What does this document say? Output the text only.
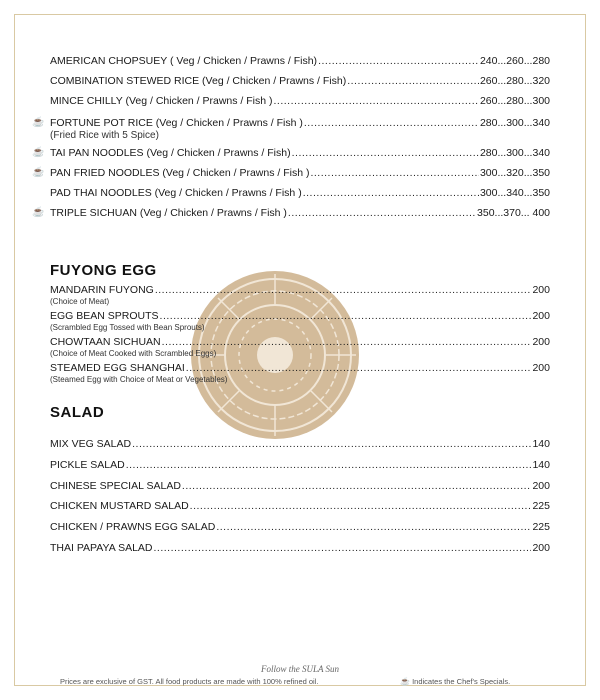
AMERICAN CHOPSUEY ( Veg / Chicken / Prawns / Fish) .....	240...260...280
COMBINATION STEWED RICE (Veg / Chicken / Prawns / Fish) .....	260...280...320
MINCE CHILLY (Veg / Chicken / Prawns / Fish ) .....	260...280...300
☕ FORTUNE POT RICE (Veg / Chicken / Prawns / Fish ) .....	280...300...340
(Fried Rice with 5 Spice)
☕ TAI PAN NOODLES (Veg / Chicken / Prawns / Fish) .....	280...300...340
☕ PAN FRIED NOODLES (Veg / Chicken / Prawns / Fish ) .....	300...320...350
PAD THAI NOODLES (Veg / Chicken / Prawns / Fish ) .....	300...340...350
☕ TRIPLE SICHUAN (Veg / Chicken / Prawns / Fish ) .....	350...370... 400
FUYONG EGG
MANDARIN FUYONG .....	200
(Choice of Meat)
EGG BEAN SPROUTS .....	200
(Scrambled Egg Tossed with Bean Sprouts)
CHOWTAAN SICHUAN .....	200
(Choice of Meat Cooked with Scrambled Eggs)
STEAMED EGG SHANGHAI .....	200
(Steamed Egg with Choice of Meat or Vegetables)
SALAD
MIX VEG SALAD .....	140
PICKLE SALAD .....	140
CHINESE SPECIAL SALAD .....	200
CHICKEN MUSTARD SALAD .....	225
CHICKEN / PRAWNS EGG SALAD .....	225
THAI PAPAYA SALAD .....	200
Follow the SULA Sun
Prices are exclusive of GST. All food products are made with 100% refined oil.	☕ Indicates the Chef's Specials.
